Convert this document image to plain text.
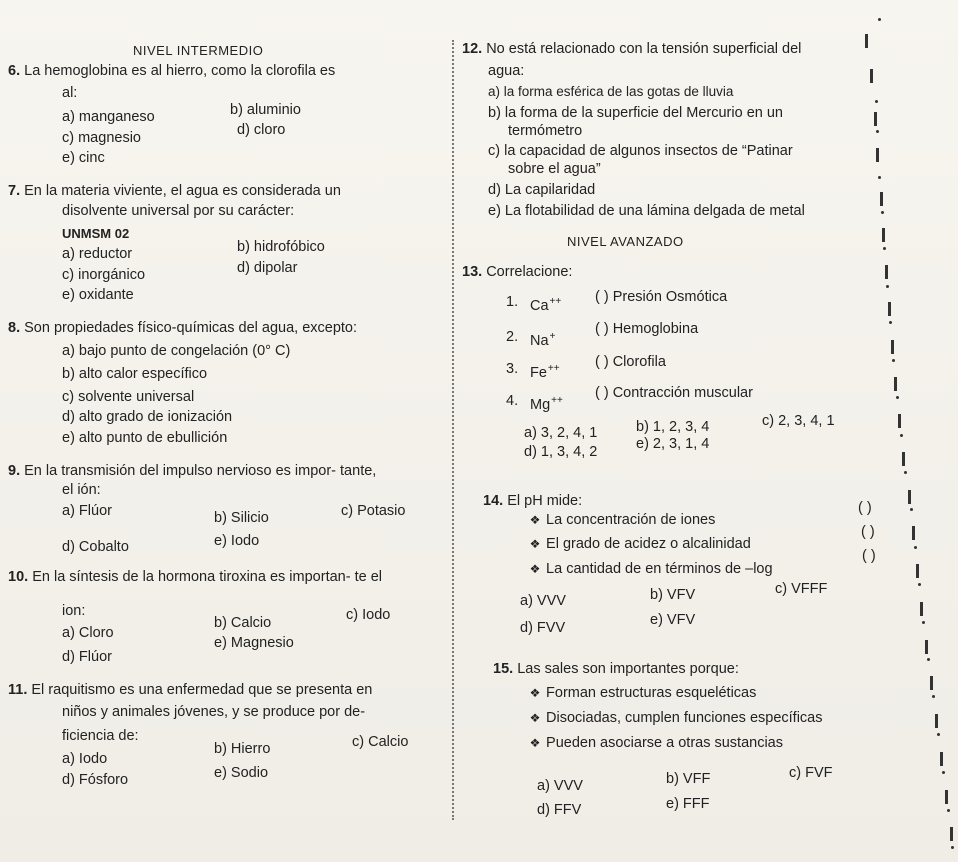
NIVEL INTERMEDIO
6. La hemoglobina es al hierro, como la clorofila es
al:
a) manganeso	b) aluminio
c) magnesio	d) cloro
e) cinc
7. En la materia viviente, el agua es considerada un
disolvente universal por su carácter:
UNMSM 02
a) reductor	b) hidrofóbico
c) inorgánico	d) dipolar
e) oxidante
8. Son propiedades físico-químicas del agua, excepto:
a) bajo punto de congelación (0° C)
b) alto calor específico
c) solvente universal
d) alto grado de ionización
e) alto punto de ebullición
9. En la transmisión del impulso nervioso es impor- tante,
el ión:
a) Flúor	b) Silicio	c) Potasio
d) Cobalto	e) Iodo
10. En la síntesis de la hormona tiroxina es importan- te el
ion:
a) Cloro
b) Calcio	c) Iodo
d) Flúor
e) Magnesio
11. El raquitismo es una enfermedad que se presenta en
niños y animales jóvenes, y se produce por de-
ficiencia de:
a) Iodo
b) Hierro	c) Calcio
d) Fósforo	e) Sodio
12. No está relacionado con la tensión superficial del
agua:
a) la forma esférica de las gotas de lluvia
b) la forma de la superficie del Mercurio en un
termómetro
c) la capacidad de algunos insectos de “Patinar
sobre el agua”
d) La capilaridad
e) La flotabilidad de una lámina delgada de metal
NIVEL AVANZADO
13. Correlacione:
1. Ca++ ( ) Presión Osmótica
2. Na+	( ) Hemoglobina
3. Fe++ ( ) Clorofila
4. Mg++ ( ) Contracción muscular
a) 3, 2, 4, 1	b) 1, 2, 3, 4	c) 2, 3, 4, 1
d) 1, 3, 4, 2	e) 2, 3, 1, 4
14. El pH mide:
❖ La concentración de iones
( )
❖ El grado de acidez o alcalinidad
( )
❖ La cantidad de en términos de –log
( )
a) VVV	b) VFV	c) VFFF
d) FVV	e) VFV
15. Las sales son importantes porque:
❖ Forman estructuras esqueléticas
❖ Disociadas, cumplen funciones específicas
❖ Pueden asociarse a otras sustancias
a) VVV	b) VFF	c) FVF
d) FFV	e) FFF
